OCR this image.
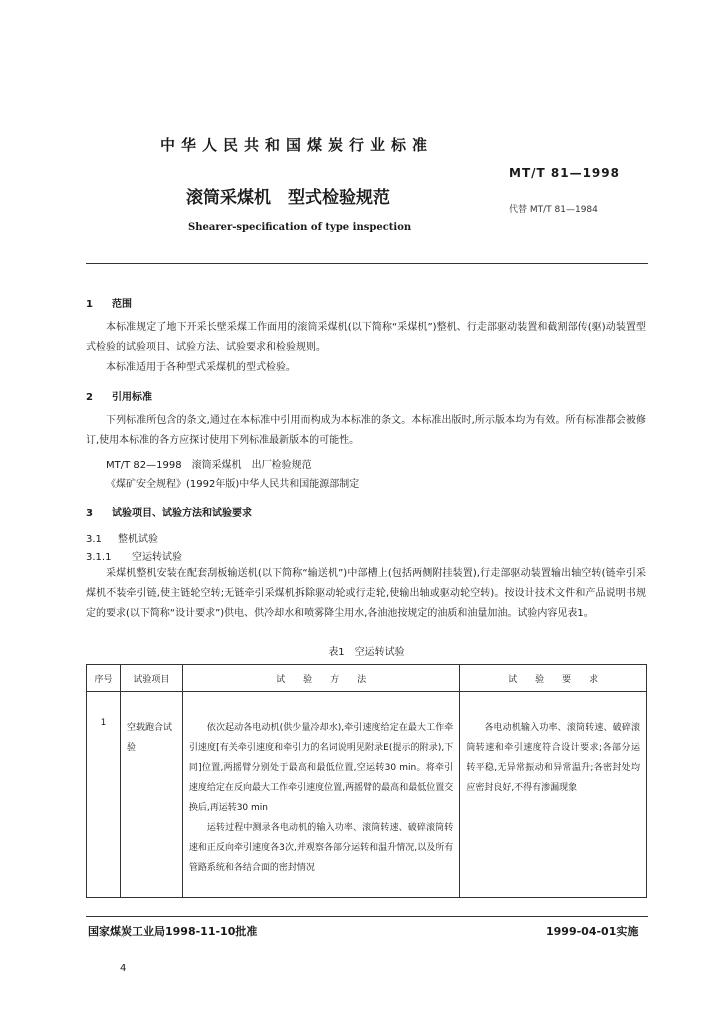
中华人民共和国煤炭行业标准
MT/T 81—1998
滚筒采煤机　型式检验规范
代替 MT/T 81—1984
Shearer-specification of type inspection
1 范围
本标准规定了地下开采长壁采煤工作面用的滚筒采煤机(以下简称“采煤机”)整机、行走部驱动装置和截割部传(驱)动装置型式检验的试验项目、试验方法、试验要求和检验规则。
本标准适用于各种型式采煤机的型式检验。
2 引用标准
下列标准所包含的条文,通过在本标准中引用而构成为本标准的条文。本标准出版时,所示版本均为有效。所有标准都会被修订,使用本标准的各方应探讨使用下列标准最新版本的可能性。
MT/T 82—1998　滚筒采煤机　出厂检验规范
《煤矿安全规程》(1992年版)中华人民共和国能源部制定
3 试验项目、试验方法和试验要求
3.1 整机试验
3.1.1 空运转试验
采煤机整机安装在配套刮板输送机(以下简称“输送机”)中部槽上(包括两侧附挂装置),行走部驱动装置输出轴空转(链牵引采煤机不装牵引链,使主链轮空转;无链牵引采煤机拆除驱动轮或行走轮,使输出轴或驱动轮空转)。按设计技术文件和产品说明书规定的要求(以下简称“设计要求”)供电、供冷却水和喷雾降尘用水,各油池按规定的油质和油量加油。试验内容见表1。
表1　空运转试验
序号	试验项目	试　　验　　方　　法	试　　验　　要　　求
1	空载跑合试验	依次起动各电动机(供少量冷却水),牵引速度给定在最大工作牵引速度[有关牵引速度和牵引力的名词说明见附录E(提示的附录),下同]位置,两摇臂分别处于最高和最低位置,空运转30 min。将牵引速度给定在反向最大工作牵引速度位置,两摇臂的最高和最低位置交换后,再运转30 min

运转过程中测录各电动机的输入功率、滚筒转速、破碎滚筒转速和正反向牵引速度各3次,并观察各部分运转和温升情况,以及所有管路系统和各结合面的密封情况	各电动机输入功率、滚筒转速、破碎滚筒转速和牵引速度符合设计要求;各部分运转平稳,无异常振动和异常温升;各密封处均应密封良好,不得有渗漏现象
国家煤炭工业局1998-11-10批准	1999-04-01实施
4
